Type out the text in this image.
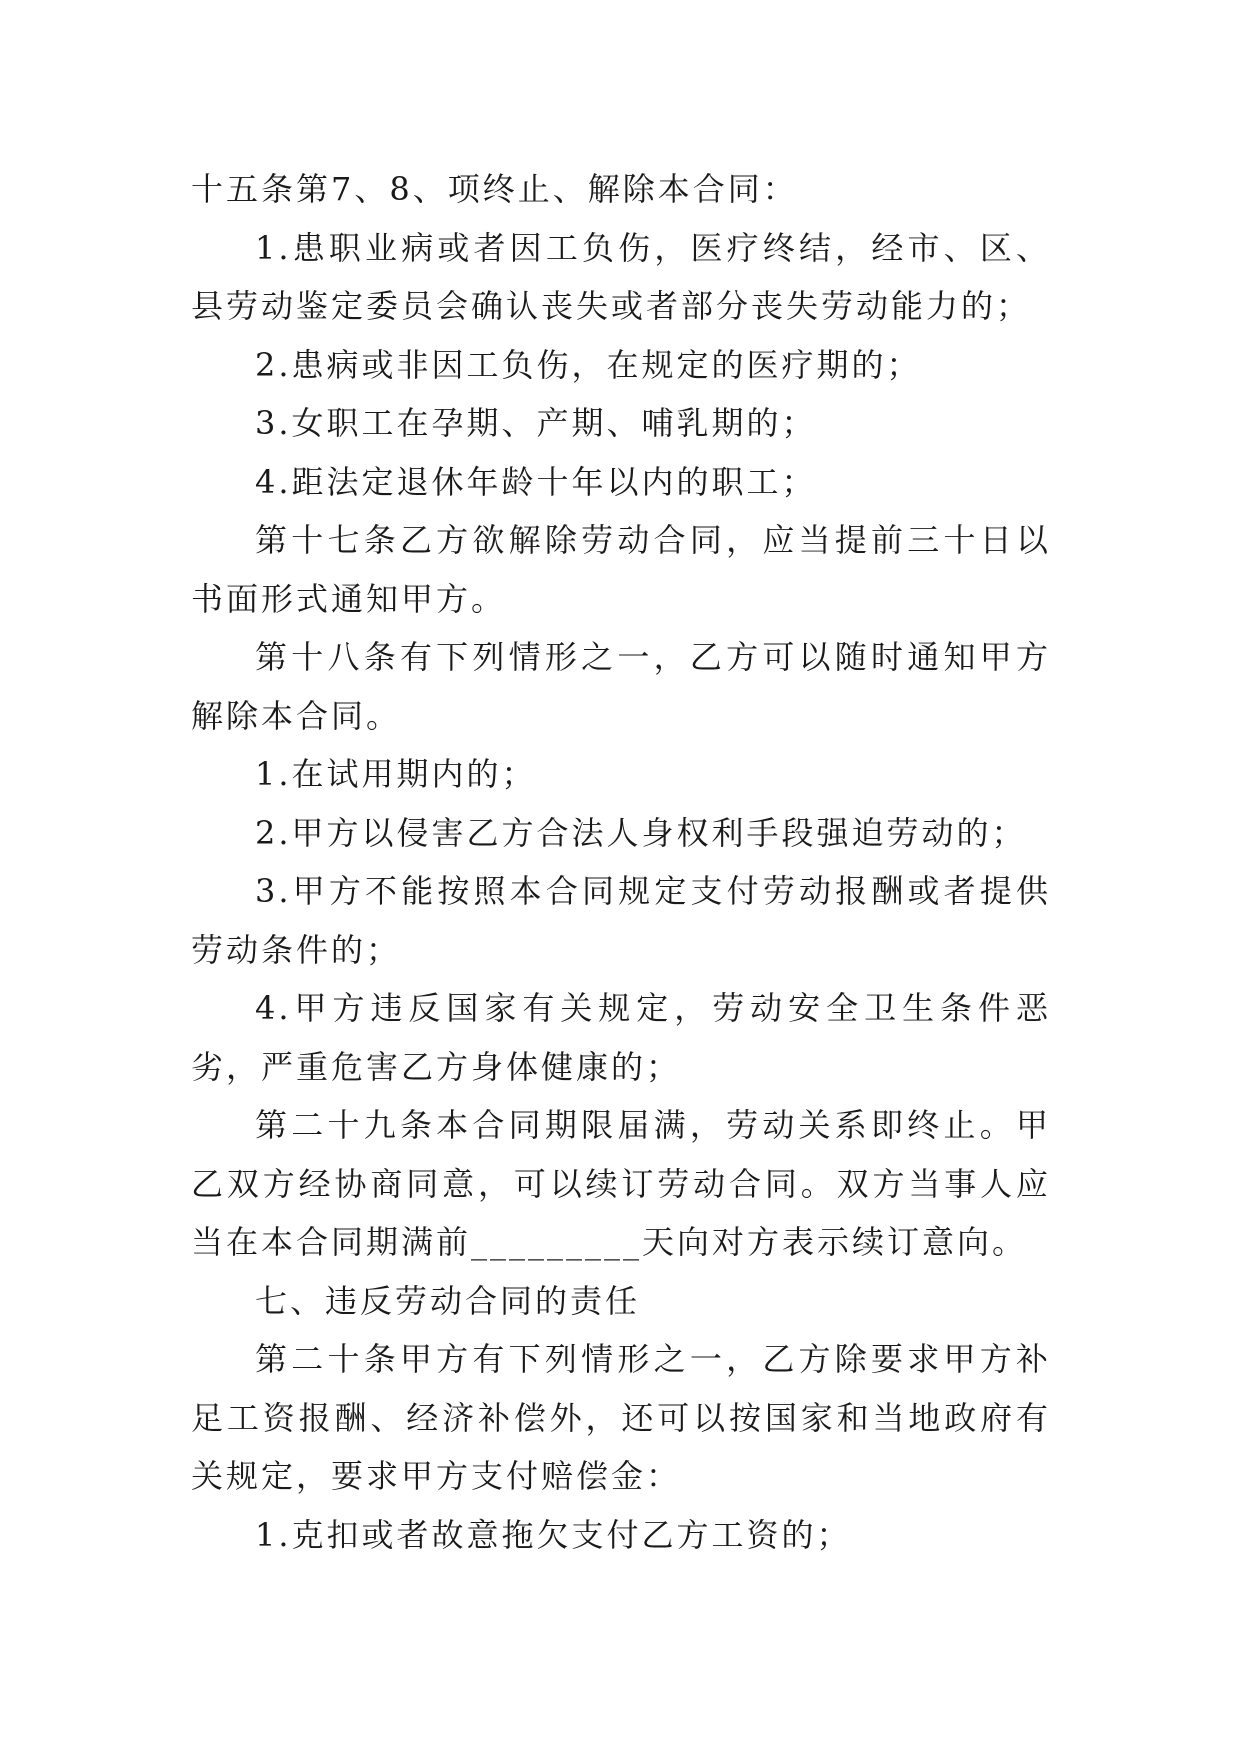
十五条第7、8、项终止、解除本合同：

1.患职业病或者因工负伤，医疗终结，经市、区、县劳动鉴定委员会确认丧失或者部分丧失劳动能力的；

2.患病或非因工负伤，在规定的医疗期的；

3.女职工在孕期、产期、哺乳期的；

4.距法定退休年龄十年以内的职工；

第十七条乙方欲解除劳动合同，应当提前三十日以书面形式通知甲方。

第十八条有下列情形之一，乙方可以随时通知甲方解除本合同。

1.在试用期内的；

2.甲方以侵害乙方合法人身权利手段强迫劳动的；

3.甲方不能按照本合同规定支付劳动报酬或者提供劳动条件的；

4.甲方违反国家有关规定，劳动安全卫生条件恶劣，严重危害乙方身体健康的；

第二十九条本合同期限届满，劳动关系即终止。甲乙双方经协商同意，可以续订劳动合同。双方当事人应当在本合同期满前_________天向对方表示续订意向。

七、违反劳动合同的责任

第二十条甲方有下列情形之一，乙方除要求甲方补足工资报酬、经济补偿外，还可以按国家和当地政府有关规定，要求甲方支付赔偿金：

1.克扣或者故意拖欠支付乙方工资的；
